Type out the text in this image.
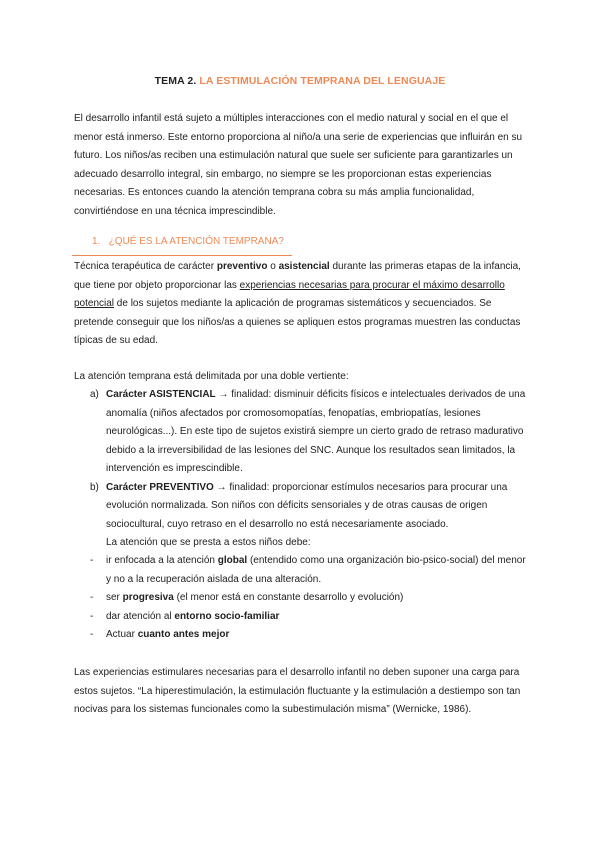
TEMA 2. LA ESTIMULACIÓN TEMPRANA DEL LENGUAJE
El desarrollo infantil está sujeto a múltiples interacciones con el medio natural y social en el que el menor está inmerso. Este entorno proporciona al niño/a una serie de experiencias que influirán en su futuro. Los niños/as reciben una estimulación natural que suele ser suficiente para garantizarles un adecuado desarrollo integral, sin embargo, no siempre se les proporcionan estas experiencias necesarias. Es entonces cuando la atención temprana cobra su más amplia funcionalidad, convirtiéndose en una técnica imprescindible.
1. ¿QUÉ ES LA ATENCIÓN TEMPRANA?
Técnica terapéutica de carácter preventivo o asistencial durante las primeras etapas de la infancia, que tiene por objeto proporcionar las experiencias necesarias para procurar el máximo desarrollo potencial de los sujetos mediante la aplicación de programas sistemáticos y secuenciados. Se pretende conseguir que los niños/as a quienes se apliquen estos programas muestren las conductas típicas de su edad.
La atención temprana está delimitada por una doble vertiente:
a) Carácter ASISTENCIAL → finalidad: disminuir déficits físicos e intelectuales derivados de una anomalía (niños afectados por cromosomopatías, fenopatías, embriopatías, lesiones neurológicas...). En este tipo de sujetos existirá siempre un cierto grado de retraso madurativo debido a la irreversibilidad de las lesiones del SNC. Aunque los resultados sean limitados, la intervención es imprescindible.
b) Carácter PREVENTIVO → finalidad: proporcionar estímulos necesarios para procurar una evolución normalizada. Son niños con déficits sensoriales y de otras causas de origen sociocultural, cuyo retraso en el desarrollo no está necesariamente asociado.
La atención que se presta a estos niños debe:
- ir enfocada a la atención global (entendido como una organización bio-psico-social) del menor y no a la recuperación aislada de una alteración.
- ser progresiva (el menor está en constante desarrollo y evolución)
- dar atención al entorno socio-familiar
- Actuar cuanto antes mejor
Las experiencias estimulares necesarias para el desarrollo infantil no deben suponer una carga para estos sujetos. “La hiperestimulación, la estimulación fluctuante y la estimulación a destiempo son tan nocivas para los sistemas funcionales como la subestimulación misma” (Wernicke, 1986).
